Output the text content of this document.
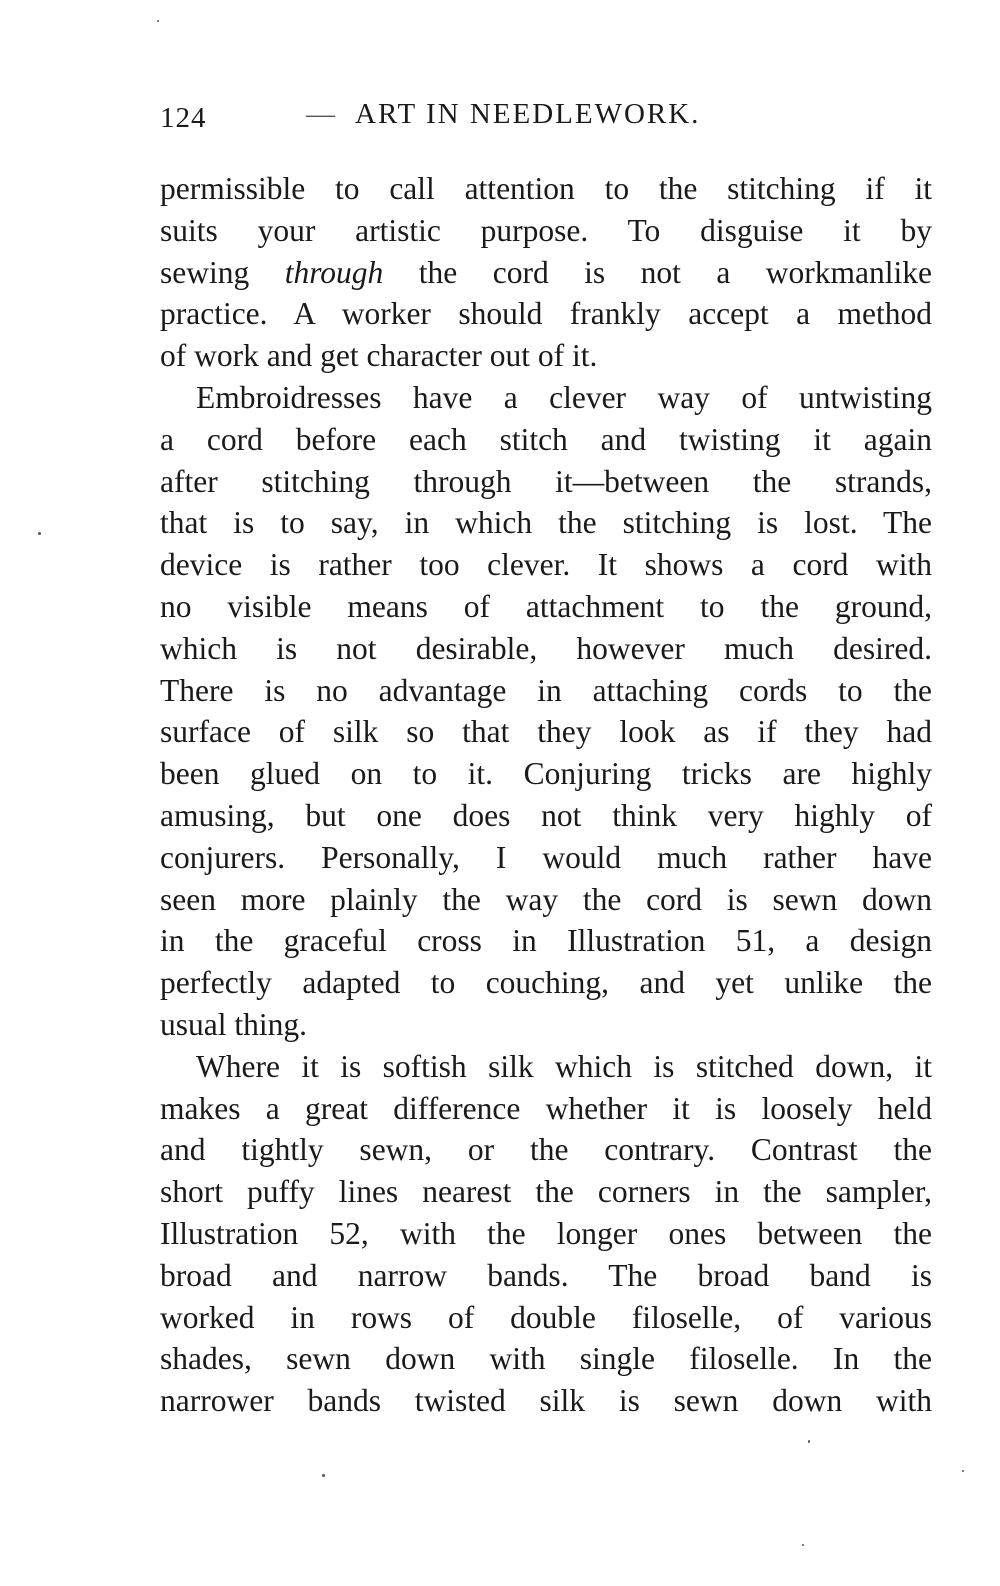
124	— ART IN NEEDLEWORK.
permissible to call attention to the stitching if it
suits your artistic purpose. To disguise it by
sewing through the cord is not a workmanlike
practice. A worker should frankly accept a method
of work and get character out of it.
Embroidresses have a clever way of untwisting
a cord before each stitch and twisting it again
after stitching through it—between the strands,
that is to say, in which the stitching is lost. The
device is rather too clever. It shows a cord with
no visible means of attachment to the ground,
which is not desirable, however much desired.
There is no advantage in attaching cords to the
surface of silk so that they look as if they had
been glued on to it. Conjuring tricks are highly
amusing, but one does not think very highly of
conjurers. Personally, I would much rather have
seen more plainly the way the cord is sewn down
in the graceful cross in Illustration 51, a design
perfectly adapted to couching, and yet unlike the
usual thing.
Where it is softish silk which is stitched down, it
makes a great difference whether it is loosely held
and tightly sewn, or the contrary. Contrast the
short puffy lines nearest the corners in the sampler,
Illustration 52, with the longer ones between the
broad and narrow bands. The broad band is
worked in rows of double filoselle, of various
shades, sewn down with single filoselle. In the
narrower bands twisted silk is sewn down with
